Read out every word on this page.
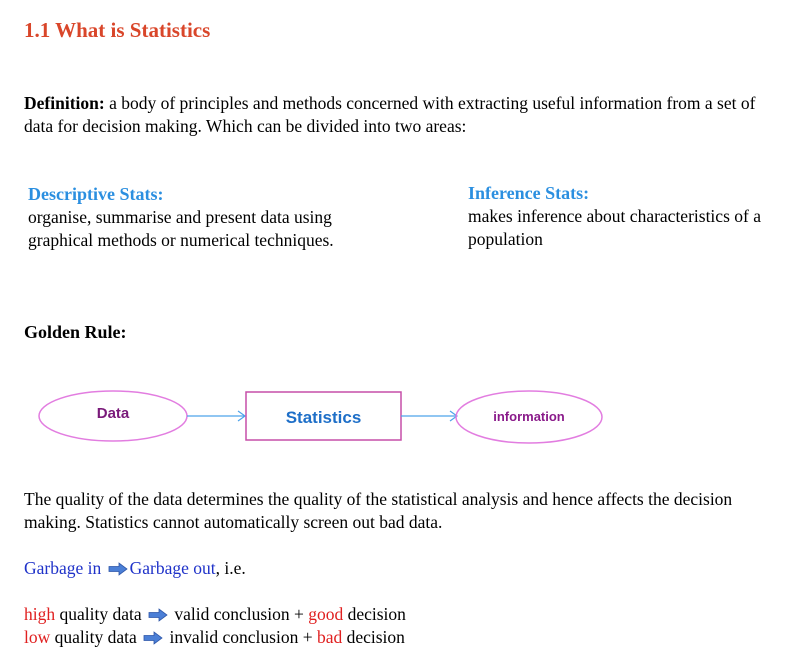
1.1 What is Statistics
Definition: a body of principles and methods concerned with extracting useful information from a set of data for decision making. Which can be divided into two areas:
Descriptive Stats:
organise, summarise and present data using graphical methods or numerical techniques.
Inference Stats:
makes inference about characteristics of a population
Golden Rule:
Data	Statistics	information
The quality of the data determines the quality of the statistical analysis and hence affects the decision making. Statistics cannot automatically screen out bad data.
Garbage in Garbage out, i.e.
high quality data valid conclusion + good decision
low quality data  invalid conclusion + bad decision
